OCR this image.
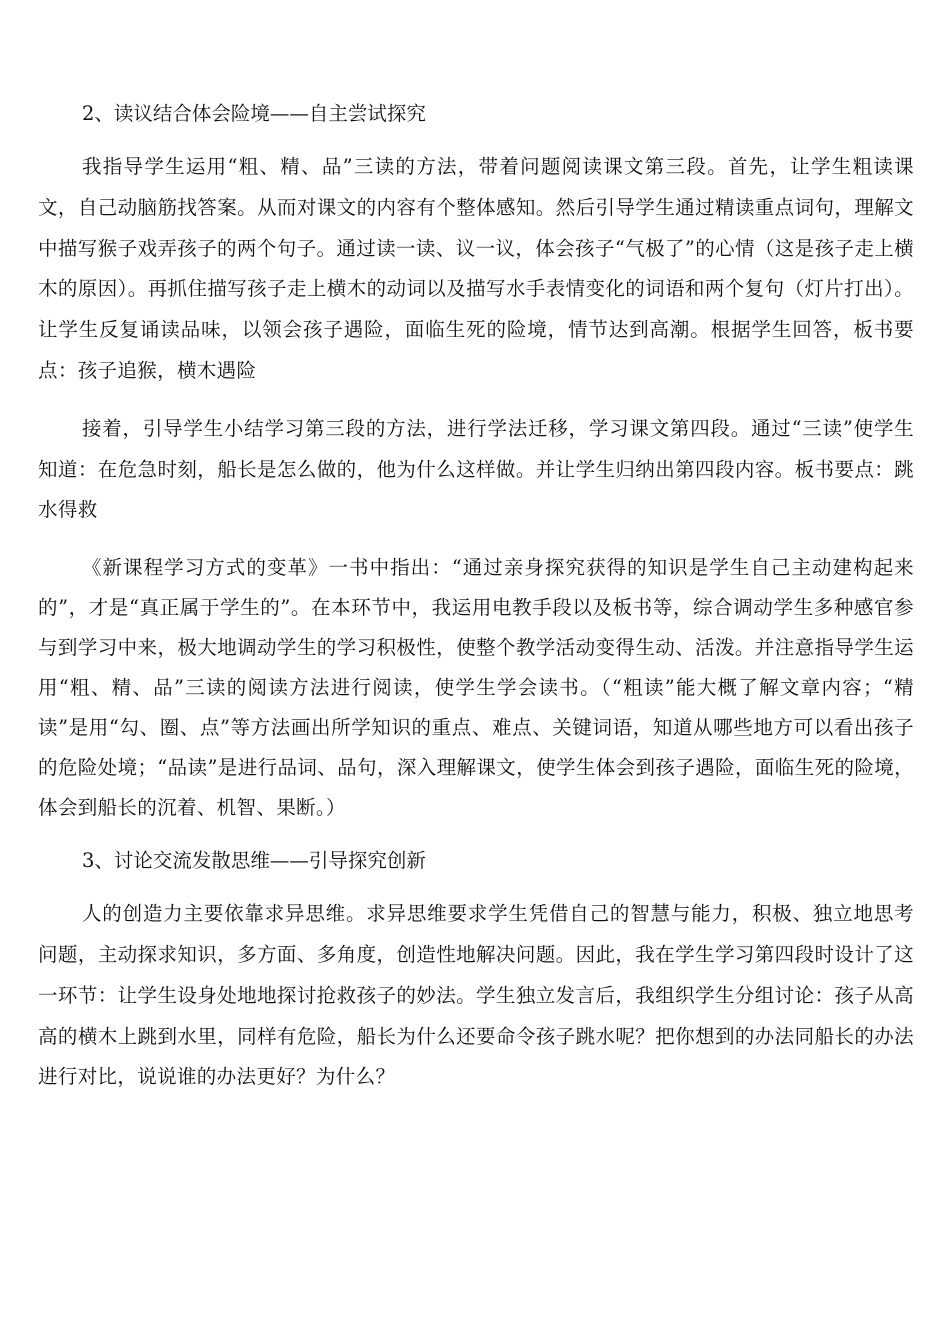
2、读议结合体会险境——自主尝试探究

我指导学生运用“粗、精、品”三读的方法，带着问题阅读课文第三段。首先，让学生粗读课文，自己动脑筋找答案。从而对课文的内容有个整体感知。然后引导学生通过精读重点词句，理解文中描写猴子戏弄孩子的两个句子。通过读一读、议一议，体会孩子“气极了”的心情（这是孩子走上横木的原因）。再抓住描写孩子走上横木的动词以及描写水手表情变化的词语和两个复句（灯片打出）。让学生反复诵读品味，以领会孩子遇险，面临生死的险境，情节达到高潮。根据学生回答，板书要点：孩子追猴，横木遇险

接着，引导学生小结学习第三段的方法，进行学法迁移，学习课文第四段。通过“三读”使学生知道：在危急时刻，船长是怎么做的，他为什么这样做。并让学生归纳出第四段内容。板书要点：跳水得救

《新课程学习方式的变革》一书中指出：“通过亲身探究获得的知识是学生自己主动建构起来的”，才是“真正属于学生的”。在本环节中，我运用电教手段以及板书等，综合调动学生多种感官参与到学习中来，极大地调动学生的学习积极性，使整个教学活动变得生动、活泼。并注意指导学生运用“粗、精、品”三读的阅读方法进行阅读，使学生学会读书。（“粗读”能大概了解文章内容；“精读”是用“勾、圈、点”等方法画出所学知识的重点、难点、关键词语，知道从哪些地方可以看出孩子的危险处境；“品读”是进行品词、品句，深入理解课文，使学生体会到孩子遇险，面临生死的险境，体会到船长的沉着、机智、果断。）

3、讨论交流发散思维——引导探究创新

人的创造力主要依靠求异思维。求异思维要求学生凭借自己的智慧与能力，积极、独立地思考问题，主动探求知识，多方面、多角度，创造性地解决问题。因此，我在学生学习第四段时设计了这一环节：让学生设身处地地探讨抢救孩子的妙法。学生独立发言后，我组织学生分组讨论：孩子从高高的横木上跳到水里，同样有危险，船长为什么还要命令孩子跳水呢？把你想到的办法同船长的办法进行对比，说说谁的办法更好？为什么？
